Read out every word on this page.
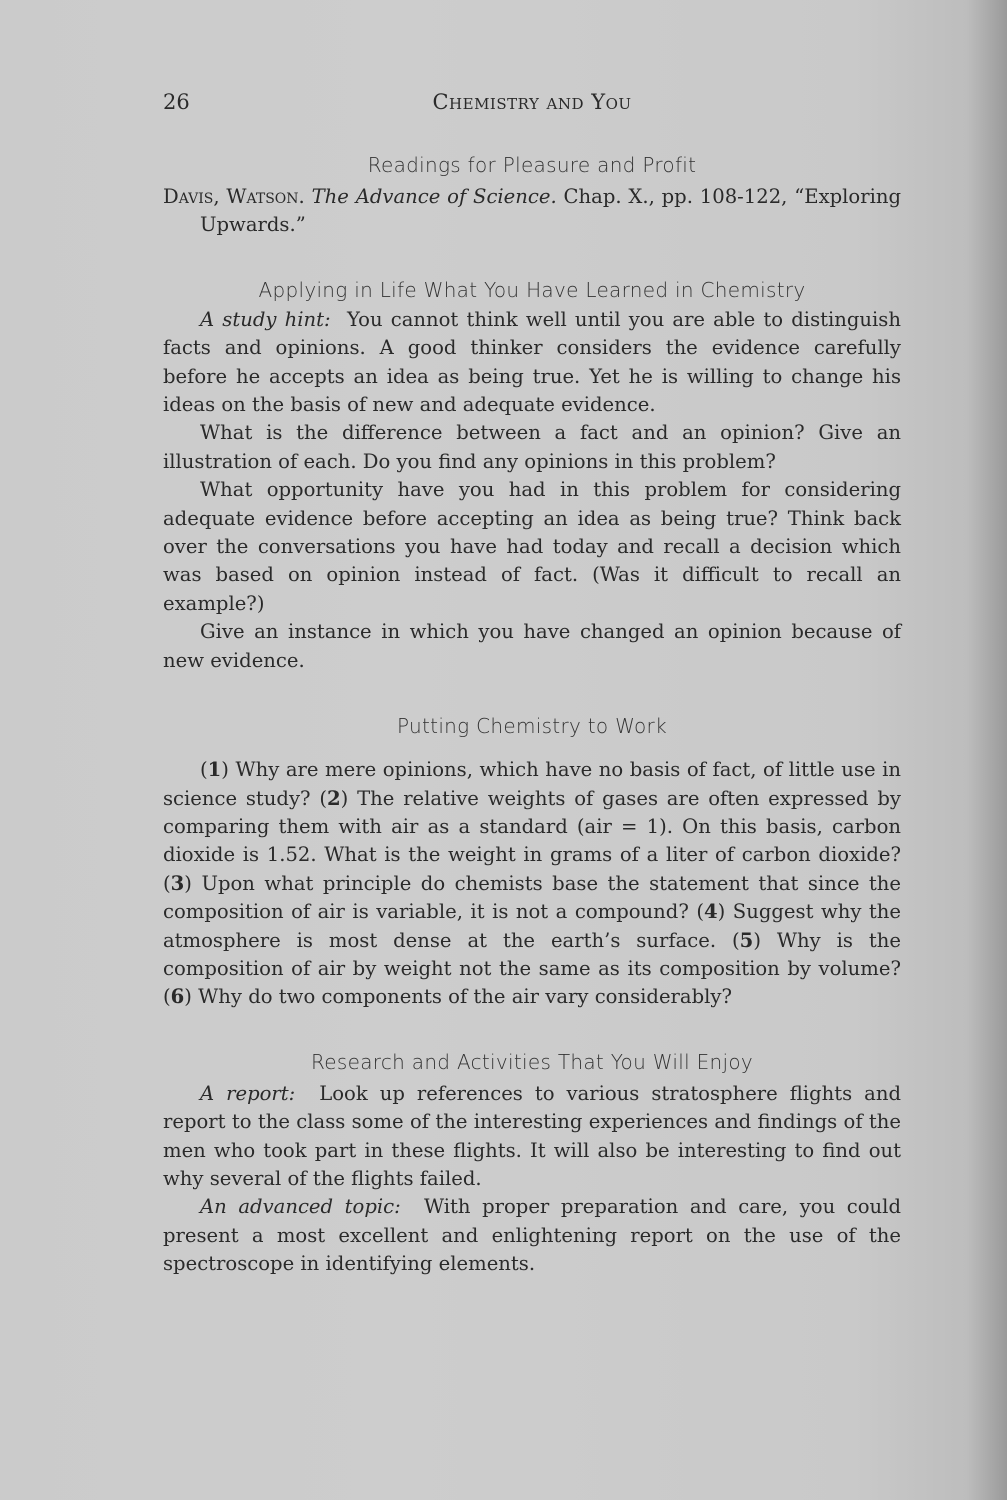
26	Chemistry and You
Readings for Pleasure and Profit

Davis, Watson. The Advance of Science. Chap. X., pp. 108-122, “Exploring Upwards.”

Applying in Life What You Have Learned in Chemistry

A study hint: You cannot think well until you are able to distinguish facts and opinions. A good thinker considers the evidence carefully before he accepts an idea as being true. Yet he is willing to change his ideas on the basis of new and adequate evidence.

What is the difference between a fact and an opinion? Give an illustration of each. Do you find any opinions in this problem?

What opportunity have you had in this problem for considering adequate evidence before accepting an idea as being true? Think back over the conversations you have had today and recall a decision which was based on opinion instead of fact. (Was it difficult to recall an example?)

Give an instance in which you have changed an opinion because of new evidence.

Putting Chemistry to Work

(1) Why are mere opinions, which have no basis of fact, of little use in science study? (2) The relative weights of gases are often expressed by comparing them with air as a standard (air = 1). On this basis, carbon dioxide is 1.52. What is the weight in grams of a liter of carbon dioxide? (3) Upon what principle do chemists base the statement that since the composition of air is variable, it is not a compound? (4) Suggest why the atmosphere is most dense at the earth’s surface. (5) Why is the composition of air by weight not the same as its composition by volume? (6) Why do two components of the air vary considerably?

Research and Activities That You Will Enjoy

A report: Look up references to various stratosphere flights and report to the class some of the interesting experiences and findings of the men who took part in these flights. It will also be interesting to find out why several of the flights failed.

An advanced topic: With proper preparation and care, you could present a most excellent and enlightening report on the use of the spectroscope in identifying elements.
